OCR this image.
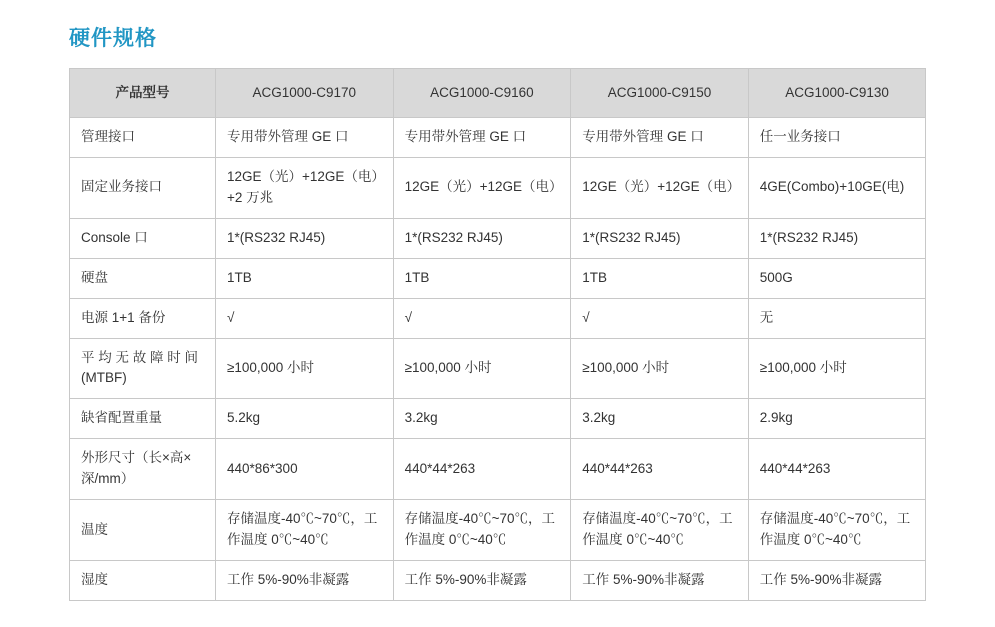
硬件规格
产品型号	ACG1000-C9170	ACG1000-C9160	ACG1000-C9150	ACG1000-C9130
管理接口	专用带外管理 GE 口	专用带外管理 GE 口	专用带外管理 GE 口	任一业务接口
固定业务接口	12GE（光）+12GE（电）+2 万兆	12GE（光）+12GE（电）	12GE（光）+12GE（电）	4GE(Combo)+10GE(电)
Console 口	1*(RS232 RJ45)	1*(RS232 RJ45)	1*(RS232 RJ45)	1*(RS232 RJ45)
硬盘	1TB	1TB	1TB	500G
电源 1+1 备份	√	√	√	无
平 均 无 故 障 时 间 (MTBF)	≥100,000 小时	≥100,000 小时	≥100,000 小时	≥100,000 小时
缺省配置重量	5.2kg	3.2kg	3.2kg	2.9kg
外形尺寸（长×高×深/mm）	440*86*300	440*44*263	440*44*263	440*44*263
温度	存储温度-40℃~70℃，工作温度 0℃~40℃	存储温度-40℃~70℃，工作温度 0℃~40℃	存储温度-40℃~70℃，工作温度 0℃~40℃	存储温度-40℃~70℃，工作温度 0℃~40℃
湿度	工作 5%-90%非凝露	工作 5%-90%非凝露	工作 5%-90%非凝露	工作 5%-90%非凝露
